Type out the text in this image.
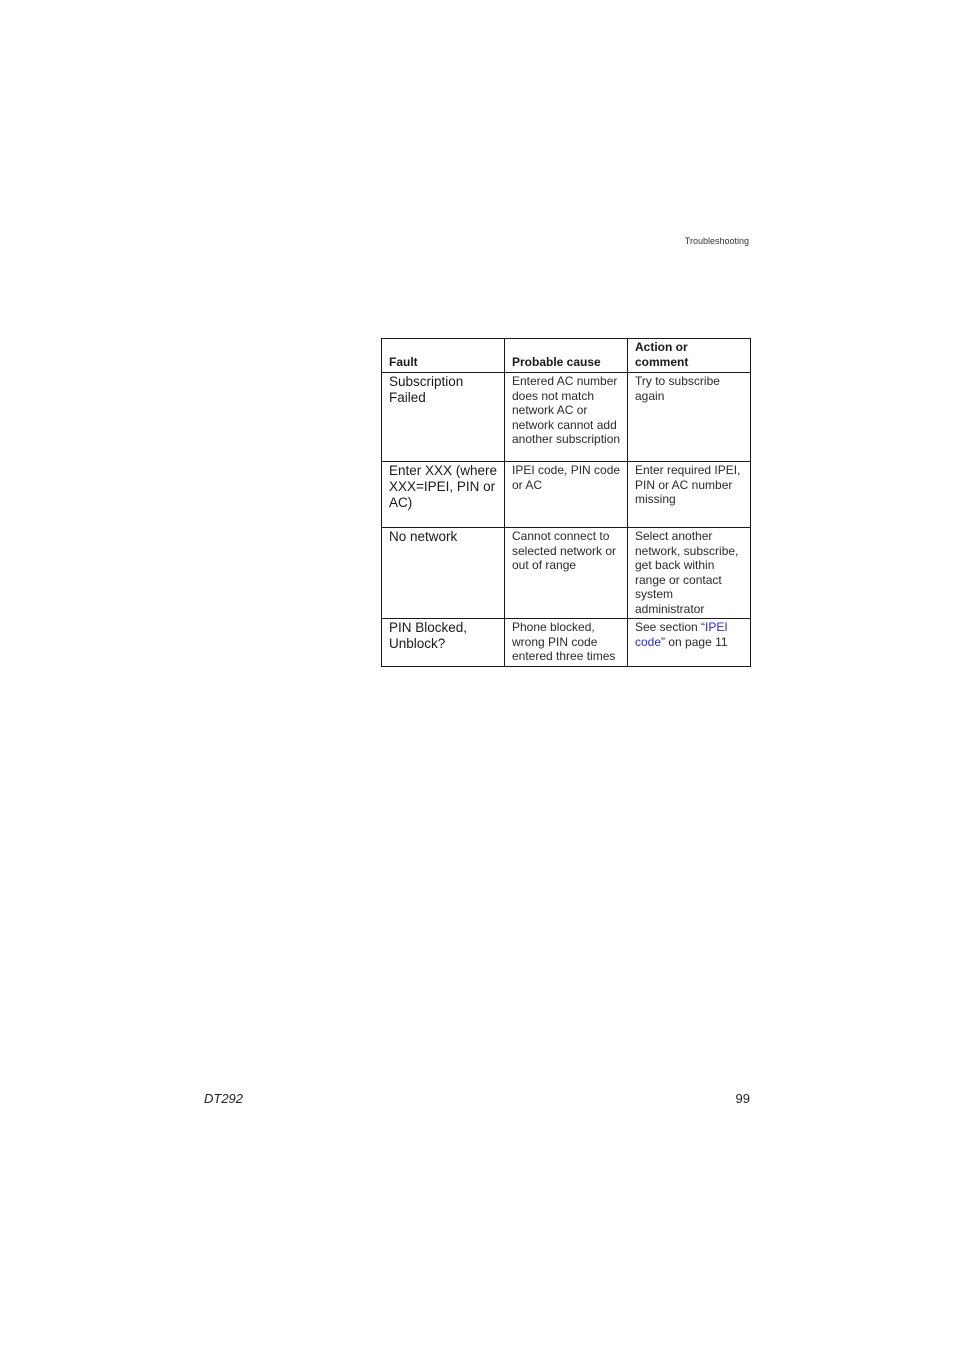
Troubleshooting
Fault	Probable cause	Action or comment
Subscription Failed	Entered AC number does not match network AC or network cannot add another subscription	Try to subscribe again
Enter XXX (where XXX=IPEI, PIN or AC)	IPEI code, PIN code or AC	Enter required IPEI, PIN or AC number missing
No network	Cannot connect to selected network or out of range	Select another network, subscribe, get back within range or contact system administrator
PIN Blocked, Unblock?	Phone blocked, wrong PIN code entered three times	See section “IPEI code” on page 11
DT292	99
